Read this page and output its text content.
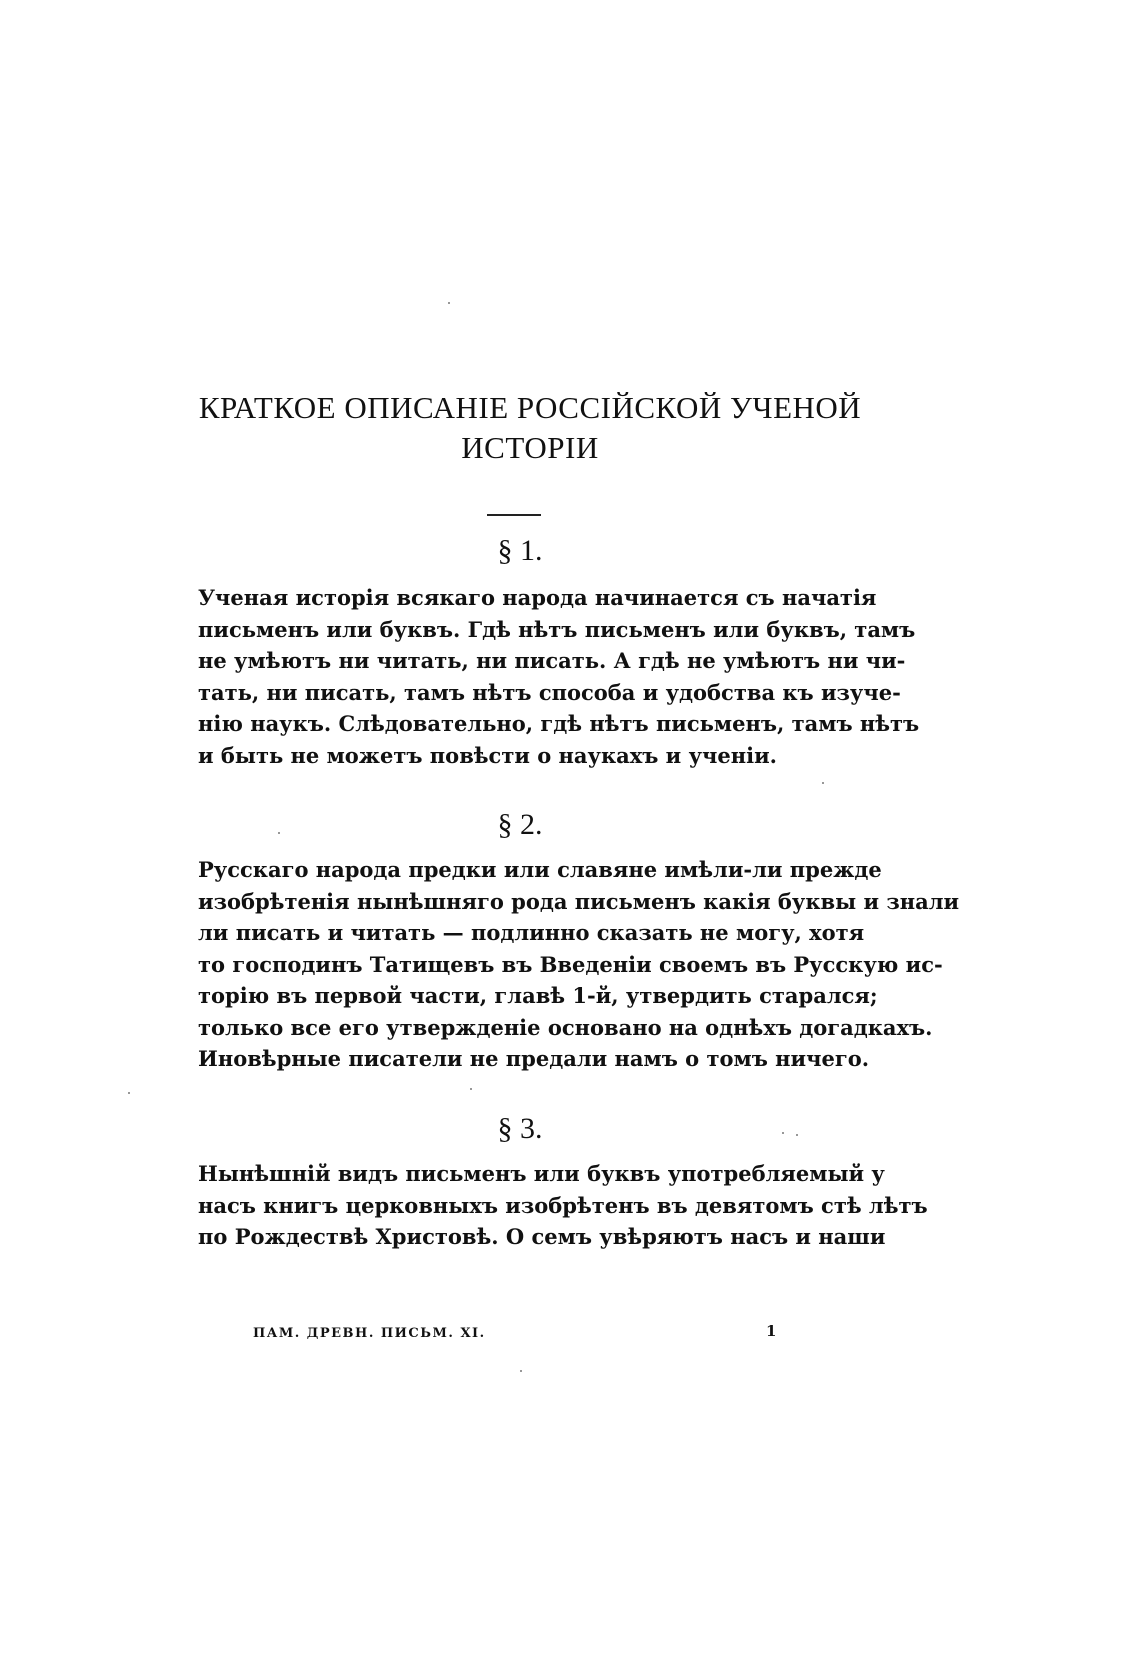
КРАТКОЕ ОПИСАНІЕ РОССІЙСКОЙ УЧЕНОЙ
ИСТОРІИ
§ 1.

Ученая исторія всякаго народа начинается съ начатія
письменъ или буквъ. Гдѣ нѣтъ письменъ или буквъ, тамъ
не умѣютъ ни читать, ни писать. А гдѣ не умѣютъ ни чи-
тать, ни писать, тамъ нѣтъ способа и удобства къ изуче-
нію наукъ. Слѣдовательно, гдѣ нѣтъ письменъ, тамъ нѣтъ
и быть не можетъ повѣсти о наукахъ и ученіи.

§ 2.

Русскаго народа предки или славяне имѣли-ли прежде
изобрѣтенія нынѣшняго рода письменъ какія буквы и знали
ли писать и читать — подлинно сказать не могу, хотя
то господинъ Татищевъ въ Введеніи своемъ въ Русскую ис-
торію въ первой части, главѣ 1-й, утвердить старался;
только все его утвержденіе основано на однѣхъ догадкахъ.
Иновѣрные писатели не предали намъ о томъ ничего.

§ 3.

Нынѣшній видъ письменъ или буквъ употребляемый у
насъ книгъ церковныхъ изобрѣтенъ въ девятомъ стѣ лѣтъ
по Рождествѣ Христовѣ. О семъ увѣряютъ насъ и наши

ПАМ. ДРЕВН. ПИСЬМ. XI.	1
